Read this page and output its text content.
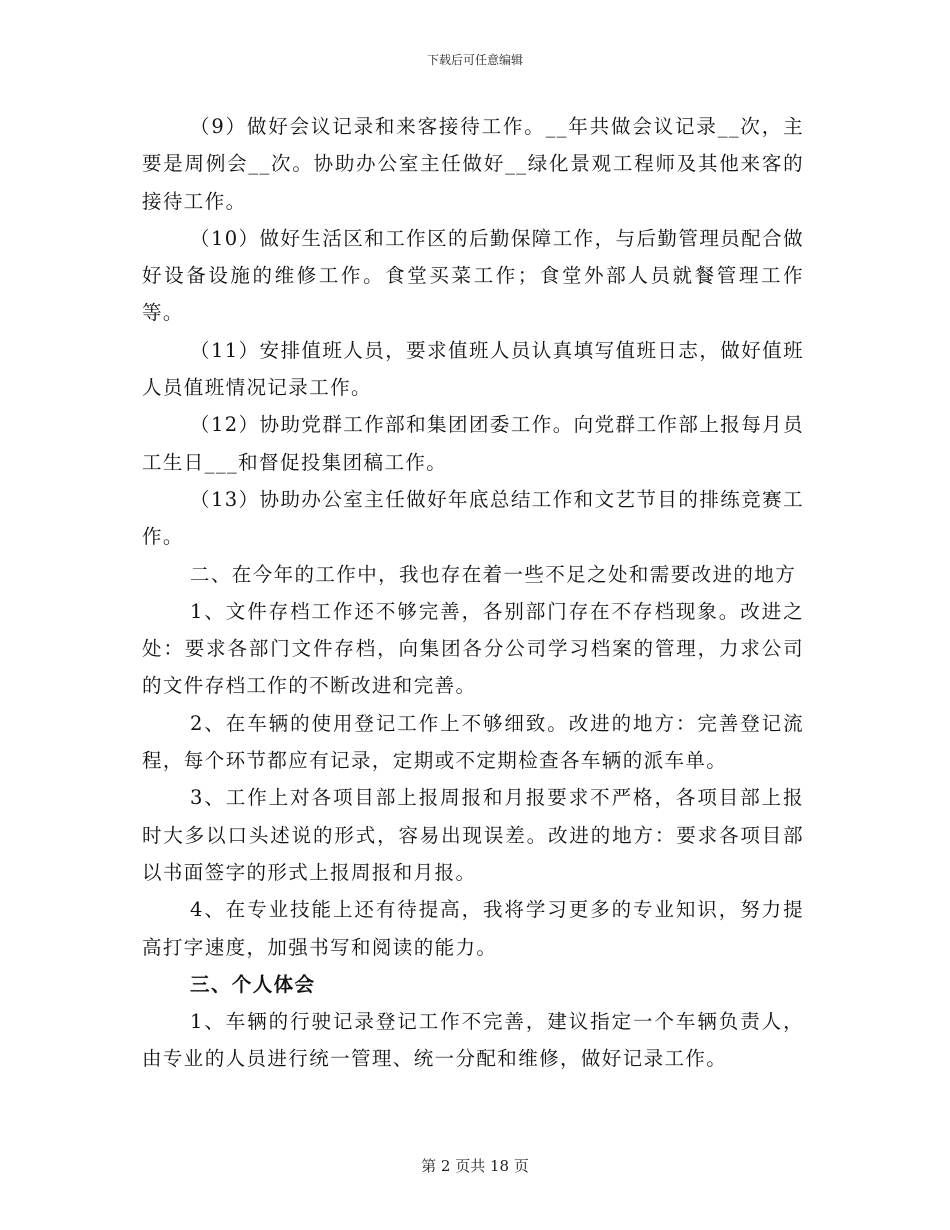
下载后可任意编辑

（9）做好会议记录和来客接待工作。__年共做会议记录__次，主要是周例会__次。协助办公室主任做好__绿化景观工程师及其他来客的接待工作。

（10）做好生活区和工作区的后勤保障工作，与后勤管理员配合做好设备设施的维修工作。食堂买菜工作；食堂外部人员就餐管理工作等。

（11）安排值班人员，要求值班人员认真填写值班日志，做好值班人员值班情况记录工作。

（12）协助党群工作部和集团团委工作。向党群工作部上报每月员工生日___和督促投集团稿工作。

（13）协助办公室主任做好年底总结工作和文艺节目的排练竞赛工作。

二、在今年的工作中，我也存在着一些不足之处和需要改进的地方

1、文件存档工作还不够完善，各别部门存在不存档现象。改进之处：要求各部门文件存档，向集团各分公司学习档案的管理，力求公司的文件存档工作的不断改进和完善。

2、在车辆的使用登记工作上不够细致。改进的地方：完善登记流程，每个环节都应有记录，定期或不定期检查各车辆的派车单。

3、工作上对各项目部上报周报和月报要求不严格，各项目部上报时大多以口头述说的形式，容易出现误差。改进的地方：要求各项目部以书面签字的形式上报周报和月报。

4、在专业技能上还有待提高，我将学习更多的专业知识，努力提高打字速度，加强书写和阅读的能力。

三、个人体会

1、车辆的行驶记录登记工作不完善，建议指定一个车辆负责人，由专业的人员进行统一管理、统一分配和维修，做好记录工作。

第 2 页共 18 页
